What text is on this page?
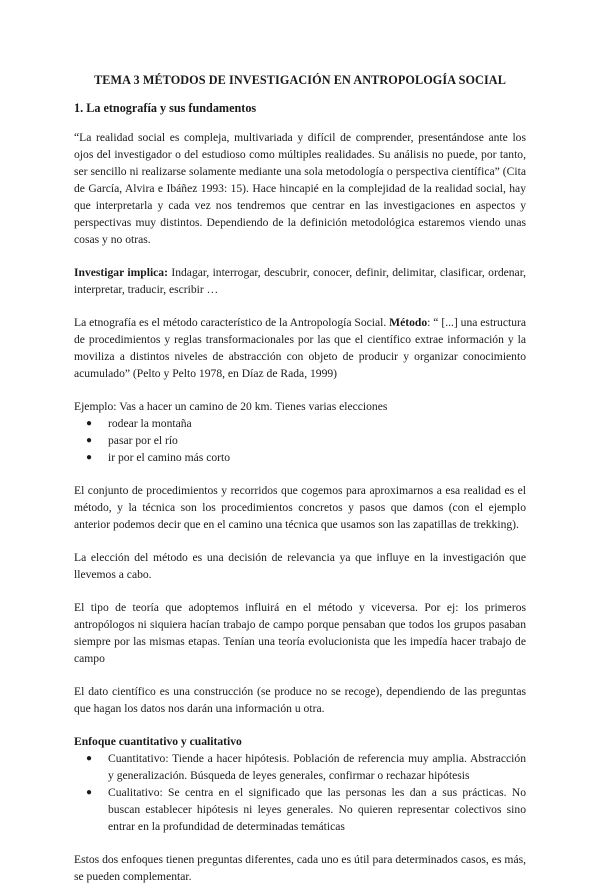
TEMA 3 MÉTODOS DE INVESTIGACIÓN EN ANTROPOLOGÍA SOCIAL
1. La etnografía y sus fundamentos

“La realidad social es compleja, multivariada y difícil de comprender, presentándose ante los ojos del investigador o del estudioso como múltiples realidades. Su análisis no puede, por tanto, ser sencillo ni realizarse solamente mediante una sola metodología o perspectiva científica” (Cita de García, Alvira e Ibáñez 1993: 15). Hace hincapié en la complejidad de la realidad social, hay que interpretarla y cada vez nos tendremos que centrar en las investigaciones en aspectos y perspectivas muy distintos. Dependiendo de la definición metodológica estaremos viendo unas cosas y no otras.

Investigar implica: Indagar, interrogar, descubrir, conocer, definir, delimitar, clasificar, ordenar, interpretar, traducir, escribir …

La etnografía es el método característico de la Antropología Social. Método: “ [...] una estructura de procedimientos y reglas transformacionales por las que el científico extrae información y la moviliza a distintos niveles de abstracción con objeto de producir y organizar conocimiento acumulado” (Pelto y Pelto 1978, en Díaz de Rada, 1999)

Ejemplo: Vas a hacer un camino de 20 km. Tienes varias elecciones

● rodear la montaña
● pasar por el río
● ir por el camino más corto

El conjunto de procedimientos y recorridos que cogemos para aproximarnos a esa realidad es el método, y la técnica son los procedimientos concretos y pasos que damos (con el ejemplo anterior podemos decir que en el camino una técnica que usamos son las zapatillas de trekking).

La elección del método es una decisión de relevancia ya que influye en la investigación que llevemos a cabo.

El tipo de teoría que adoptemos influirá en el método y viceversa. Por ej: los primeros antropólogos ni siquiera hacían trabajo de campo porque pensaban que todos los grupos pasaban siempre por las mismas etapas. Tenían una teoría evolucionista que les impedía hacer trabajo de campo

El dato científico es una construcción (se produce no se recoge), dependiendo de las preguntas que hagan los datos nos darán una información u otra.

Enfoque cuantitativo y cualitativo

● Cuantitativo: Tiende a hacer hipótesis. Población de referencia muy amplia. Abstracción y generalización. Búsqueda de leyes generales, confirmar o rechazar hipótesis
● Cualitativo: Se centra en el significado que las personas les dan a sus prácticas. No buscan establecer hipótesis ni leyes generales. No quieren representar colectivos sino entrar en la profundidad de determinadas temáticas

Estos dos enfoques tienen preguntas diferentes, cada uno es útil para determinados casos, es más, se pueden complementar.
